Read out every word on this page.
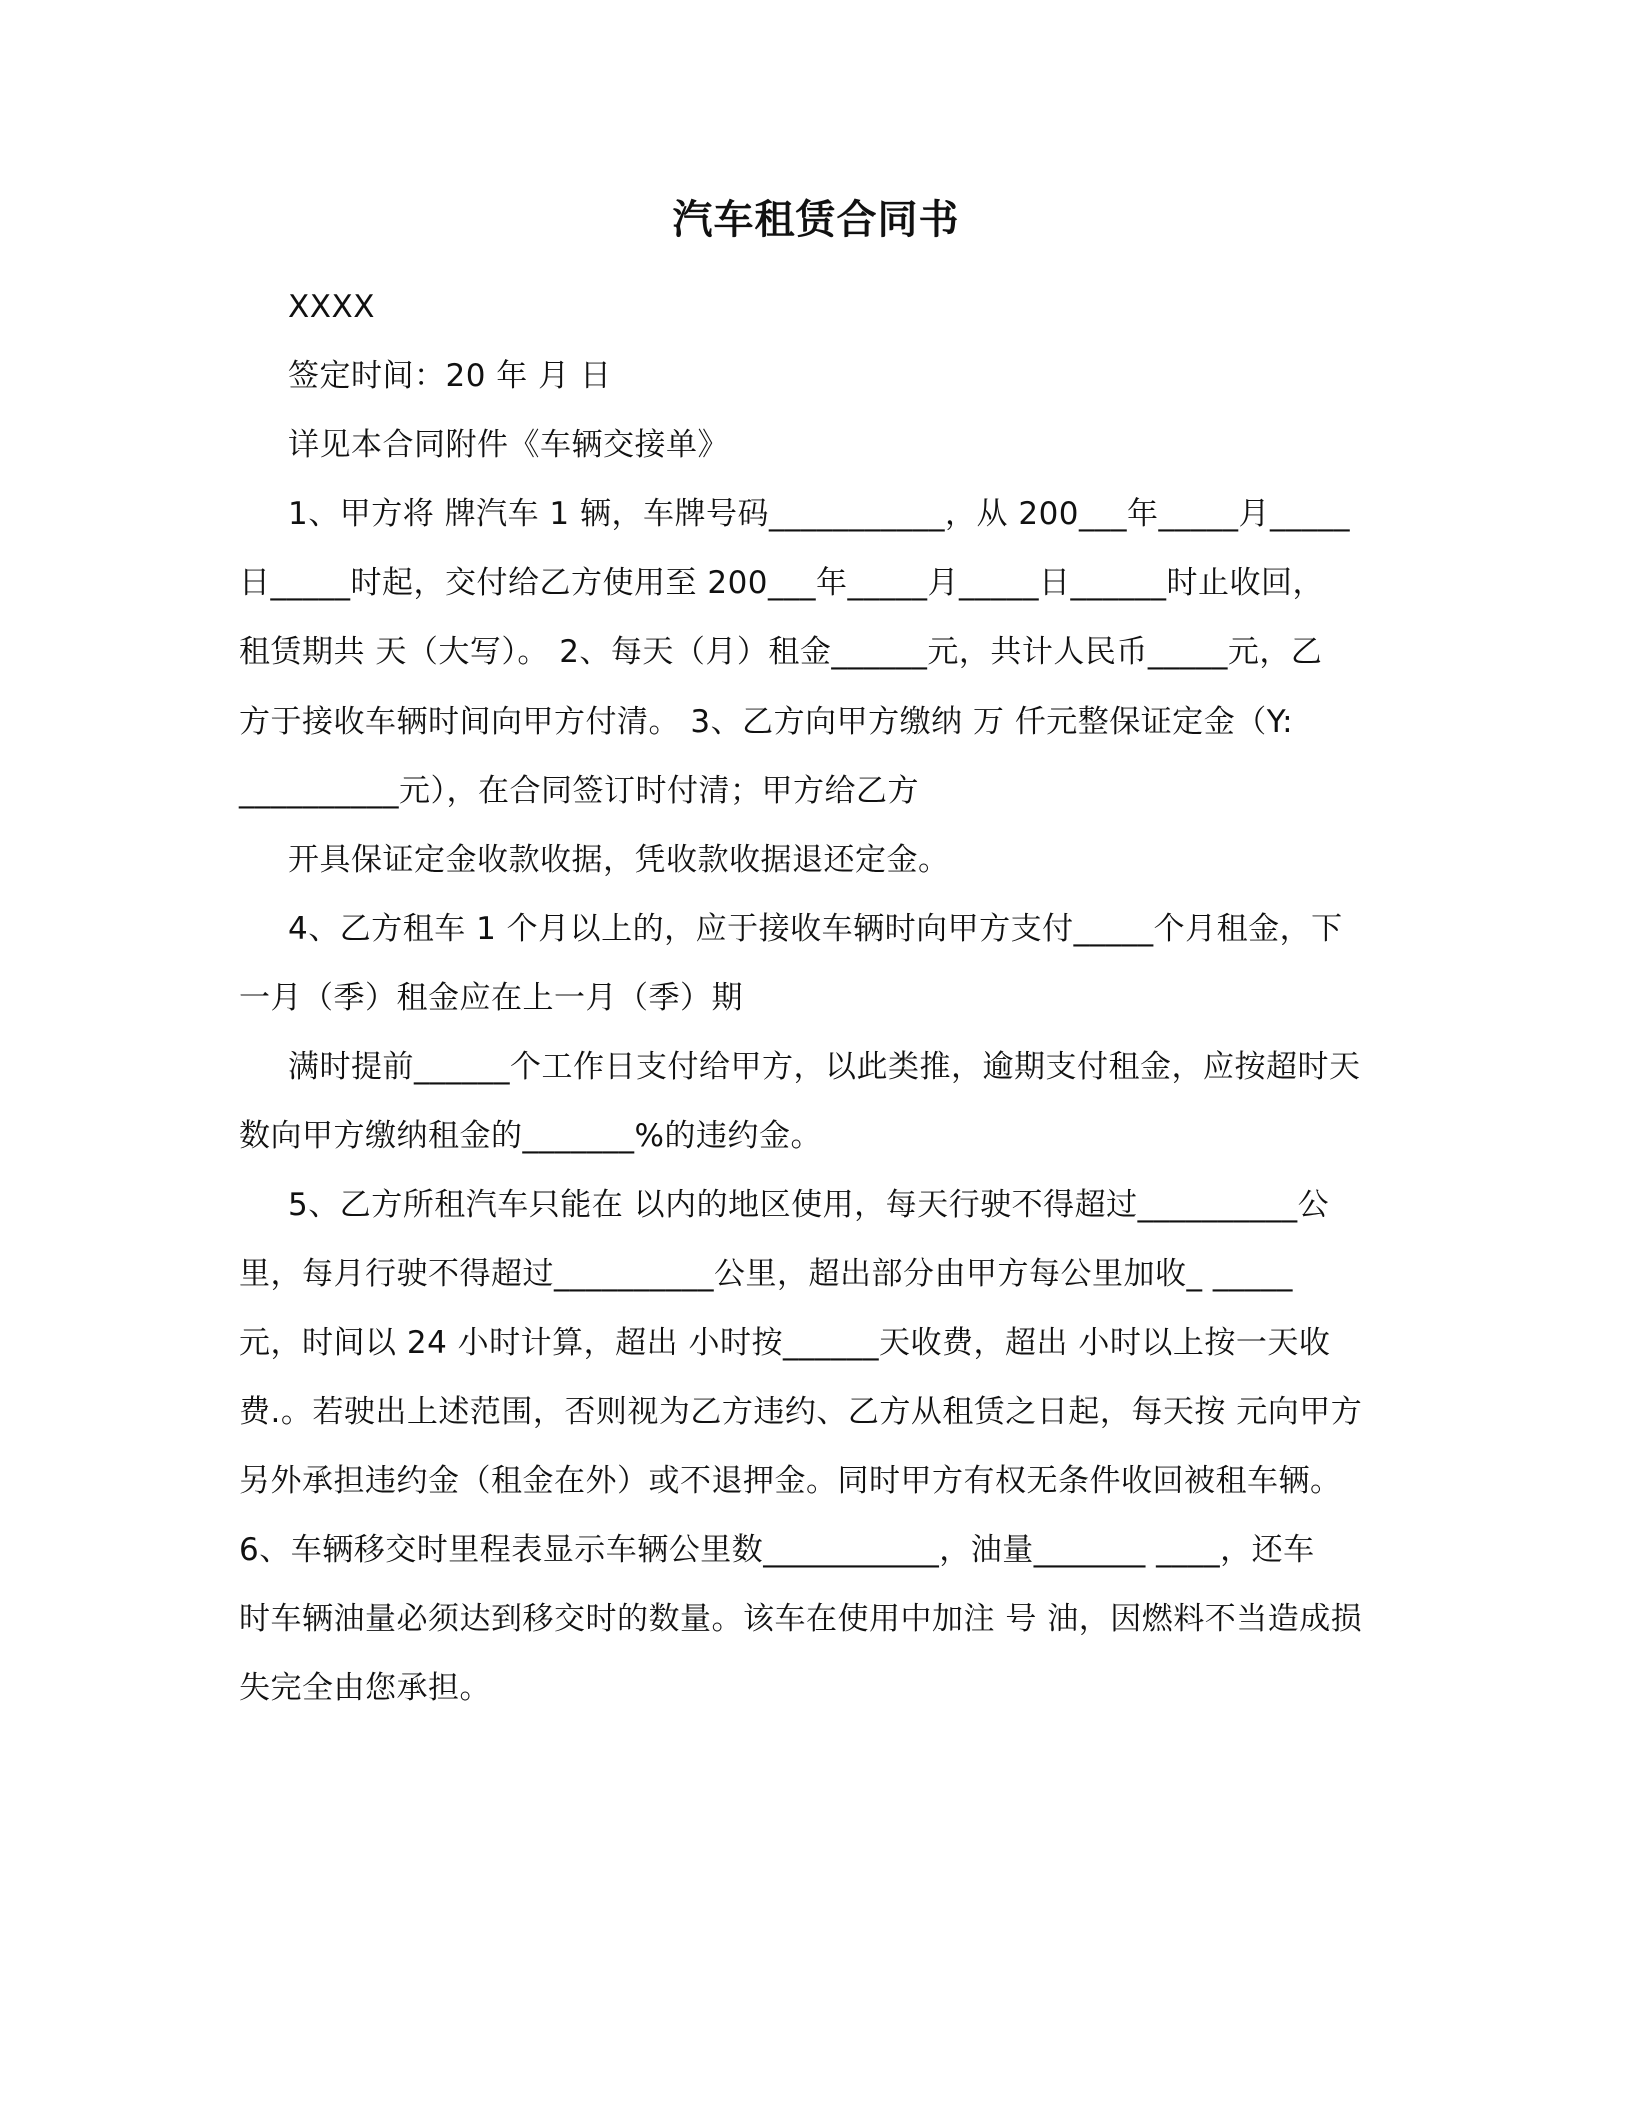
汽车租赁合同书
XXXX
签定时间：20 年 月 日
详见本合同附件《车辆交接单》
1、甲方将 牌汽车 1 辆，车牌号码___________，从 200___年_____月_____
日_____时起，交付给乙方使用至 200___年_____月_____日______时止收回，
租赁期共 天（大写）。 2、每天（月）租金______元，共计人民币_____元，乙
方于接收车辆时间向甲方付清。 3、乙方向甲方缴纳 万 仟元整保证定金（Y:
__________元），在合同签订时付清；甲方给乙方
开具保证定金收款收据，凭收款收据退还定金。
4、乙方租车 1 个月以上的，应于接收车辆时向甲方支付_____个月租金，下
一月（季）租金应在上一月（季）期
满时提前______个工作日支付给甲方，以此类推，逾期支付租金，应按超时天
数向甲方缴纳租金的_______%的违约金。
5、乙方所租汽车只能在 以内的地区使用，每天行驶不得超过__________公
里，每月行驶不得超过__________公里，超出部分由甲方每公里加收_ _____
元，时间以 24 小时计算，超出 小时按______天收费，超出 小时以上按一天收
费.。若驶出上述范围，否则视为乙方违约、乙方从租赁之日起，每天按 元向甲方
另外承担违约金（租金在外）或不退押金。同时甲方有权无条件收回被租车辆。
6、车辆移交时里程表显示车辆公里数___________，油量_______ ____，还车
时车辆油量必须达到移交时的数量。该车在使用中加注 号 油，因燃料不当造成损
失完全由您承担。
